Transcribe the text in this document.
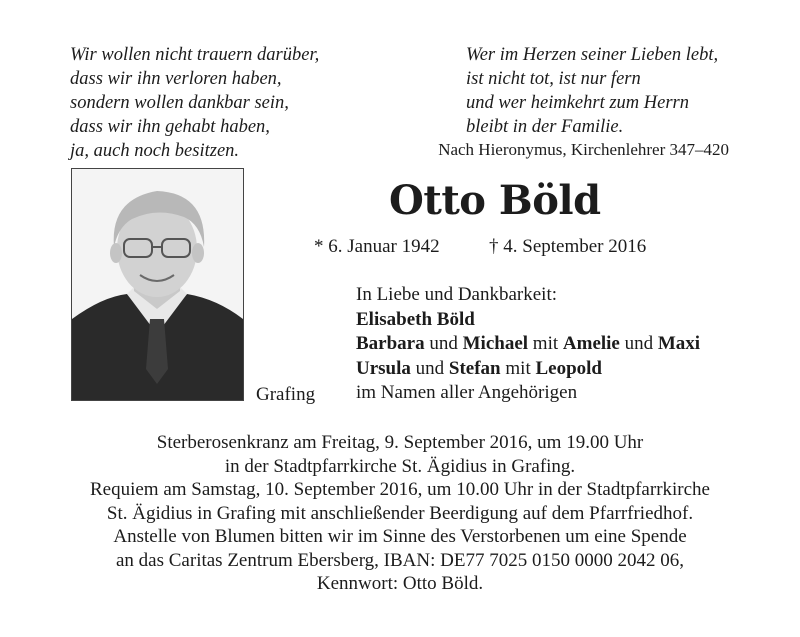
Wir wollen nicht trauern darüber,
dass wir ihn verloren haben,
sondern wollen dankbar sein,
dass wir ihn gehabt haben,
ja, auch noch besitzen.
Wer im Herzen seiner Lieben lebt,
ist nicht tot, ist nur fern
und wer heimkehrt zum Herrn
bleibt in der Familie.
Nach Hieronymus, Kirchenlehrer 347–420
Otto Böld
* 6. Januar 1942	† 4. September 2016
In Liebe und Dankbarkeit:
Elisabeth Böld
Barbara und Michael mit Amelie und Maxi
Ursula und Stefan mit Leopold
im Namen aller Angehörigen
Grafing
Sterberosenkranz am Freitag, 9. September 2016, um 19.00 Uhr
in der Stadtpfarrkirche St. Ägidius in Grafing.
Requiem am Samstag, 10. September 2016, um 10.00 Uhr in der Stadtpfarrkirche
St. Ägidius in Grafing mit anschließender Beerdigung auf dem Pfarrfriedhof.
Anstelle von Blumen bitten wir im Sinne des Verstorbenen um eine Spende
an das Caritas Zentrum Ebersberg, IBAN: DE77 7025 0150 0000 2042 06,
Kennwort: Otto Böld.
